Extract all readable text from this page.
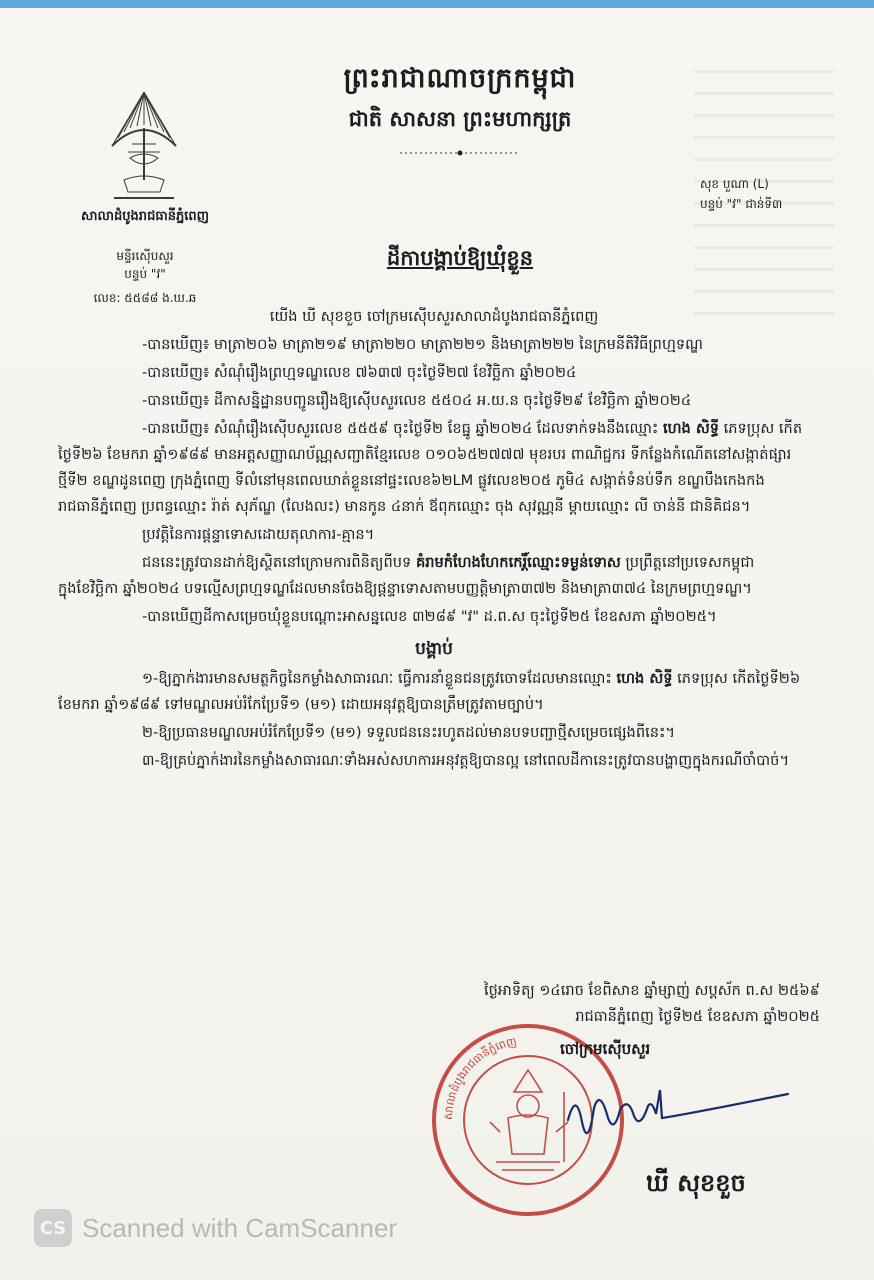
ព្រះរាជាណាចក្រកម្ពុជា
ជាតិ សាសនា ព្រះមហាក្សត្រ
សាលាដំបូងរាជធានីភ្នំពេញ
មន្ទីរស៊ើបសួរ
បន្ទប់ "វ"
លេខ: ៥៥៨៨ ង.ឃ.ឆ
សុខ បួណា (L)
បន្ទប់ "វ" ជាន់ទី៣
ដីកាបង្គាប់ឱ្យឃុំខ្លួន

យើង ឃី សុខខួច ចៅក្រមស៊ើបសួរសាលាដំបូងរាជធានីភ្នំពេញ

-បានឃើញ៖ មាត្រា២០៦ មាត្រា២១៩ មាត្រា២២០ មាត្រា២២១ និងមាត្រា២២២ នៃក្រមនីតិវិធីព្រហ្មទណ្ឌ

-បានឃើញ៖ សំណុំរឿងព្រហ្មទណ្ឌលេខ ៧៦៣៧ ចុះថ្ងៃទី២៧ ខែវិច្ឆិកា ឆ្នាំ២០២៤

-បានឃើញ៖ ដីកាសន្និដ្ឋានបញ្ជូនរឿងឱ្យស៊ើបសួរលេខ ៥៥០៤ អ.យ.ន ចុះថ្ងៃទី២៩ ខែវិច្ឆិកា ឆ្នាំ២០២៤

-បានឃើញ៖ សំណុំរឿងស៊ើបសួរលេខ ៥៥៥៩ ចុះថ្ងៃទី២ ខែធ្នូ ឆ្នាំ២០២៤ ដែលទាក់ទងនឹងឈ្មោះ ហេង សិទ្ធី ភេទប្រុស កើតថ្ងៃទី២៦ ខែមករា ឆ្នាំ១៩៨៩ មានអត្តសញ្ញាណប័ណ្ណសញ្ជាតិខ្មែរលេខ ០១០៦៥២៧៧៧ មុខរបរ ពាណិជ្ជករ ទីកន្លែងកំណើតនៅសង្កាត់ផ្សារថ្មីទី២ ខណ្ឌដូនពេញ ក្រុងភ្នំពេញ ទីលំនៅមុនពេលឃាត់ខ្លួននៅផ្ទះលេខ៦២LM ផ្លូវលេខ២០៥ ភូមិ៤ សង្កាត់ទំនប់ទឹក ខណ្ឌបឹងកេងកង រាជធានីភ្នំពេញ ប្រពន្ធឈ្មោះ រ៉ាត់ សុភ័ណ្ឌ (លែងលះ) មានកូន ៤នាក់ ឪពុកឈ្មោះ ចុង សុវណ្ណនី ម្តាយឈ្មោះ លី ចាន់នី ជានិគិជន។

ប្រវត្តិនៃការផ្តន្ទាទោសដោយតុលាការ-គ្មាន។

ជននេះត្រូវបានដាក់ឱ្យស្ថិតនៅក្រោមការពិនិត្យពីបទ គំរាមកំហែងហែកកេរ្តិ៍ឈ្មោះទម្ងន់ទោស ប្រព្រឹត្តនៅប្រទេសកម្ពុជា ក្នុងខែវិច្ឆិកា ឆ្នាំ២០២៤ បទល្មើសព្រហ្មទណ្ឌដែលមានចែងឱ្យផ្តន្ទាទោសតាមបញ្ញត្តិមាត្រា៣៧២ និងមាត្រា៣៧៤ នៃក្រមព្រហ្មទណ្ឌ។

-បានឃើញដីកាសម្រេចឃុំខ្លួនបណ្តោះអាសន្នលេខ ៣២៨៩ "វ" ដ.ព.ស ចុះថ្ងៃទី២៥ ខែឧសភា ឆ្នាំ២០២៥។

បង្គាប់

១-ឱ្យភ្នាក់ងារមានសមត្ថកិច្ចនៃកម្លាំងសាធារណៈ ធ្វើការនាំខ្លួនជនត្រូវចោទដែលមានឈ្មោះ ហេង សិទ្ធី ភេទប្រុស កើតថ្ងៃទី២៦ ខែមករា ឆ្នាំ១៩៨៩ ទៅមណ្ឌលអប់រំកែប្រែទី១ (ម១) ដោយអនុវត្តឱ្យបានត្រឹមត្រូវតាមច្បាប់។

២-ឱ្យប្រធានមណ្ឌលអប់រំកែប្រែទី១ (ម១) ទទួលជននេះរហូតដល់មានបទបញ្ជាថ្មីសម្រេចផ្សេងពីនេះ។

៣-ឱ្យគ្រប់ភ្នាក់ងារនៃកម្លាំងសាធារណៈទាំងអស់សហការអនុវត្តឱ្យបានល្អ នៅពេលដីកានេះត្រូវបានបង្ហាញក្នុងករណីចាំបាច់។

ថ្ងៃអាទិត្យ ១៤រោច ខែពិសាខ ឆ្នាំម្សាញ់ សប្តស័ក ព.ស ២៥៦៩
រាជធានីភ្នំពេញ ថ្ងៃទី២៥ ខែឧសភា ឆ្នាំ២០២៥
សាលាដំបូងរាជធានីភ្នំពេញ	ចៅក្រមស៊ើបសួរ
ឃី សុខខួច
CS Scanned with CamScanner
